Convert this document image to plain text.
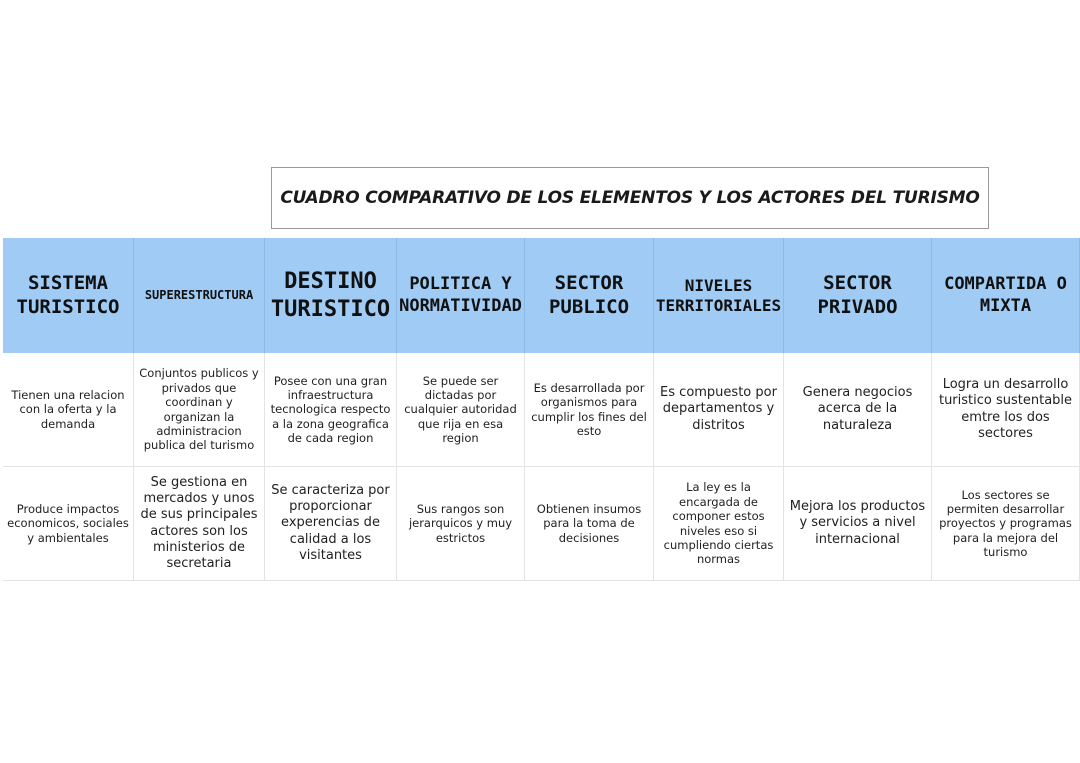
CUADRO COMPARATIVO DE LOS ELEMENTOS Y LOS ACTORES DEL TURISMO
SISTEMA TURISTICO
SUPERESTRUCTURA
DESTINO TURISTICO
POLITICA Y NORMATIVIDAD
SECTOR PUBLICO
NIVELES TERRITORIALES
SECTOR PRIVADO
COMPARTIDA O MIXTA
Tienen una relacion con la oferta y la demanda
Conjuntos publicos y privados que coordinan y organizan la administracion publica del turismo
Posee con una gran infraestructura tecnologica respecto a la zona geografica de cada region
Se puede ser dictadas por cualquier autoridad que rija en esa region
Es desarrollada por organismos para cumplir los fines del esto
Es compuesto por departamentos y distritos
Genera negocios acerca de la naturaleza
Logra un desarrollo turistico sustentable emtre los dos sectores
Produce impactos economicos, sociales y ambientales
Se gestiona en mercados y unos de sus principales actores son los ministerios de secretaria
Se caracteriza por proporcionar experencias de calidad a los visitantes
Sus rangos son jerarquicos y muy estrictos
Obtienen insumos para la toma de decisiones
La ley es la encargada de componer estos niveles eso si cumpliendo ciertas normas
Mejora los productos y servicios a nivel internacional
Los sectores se permiten desarrollar proyectos y programas para la mejora del turismo
